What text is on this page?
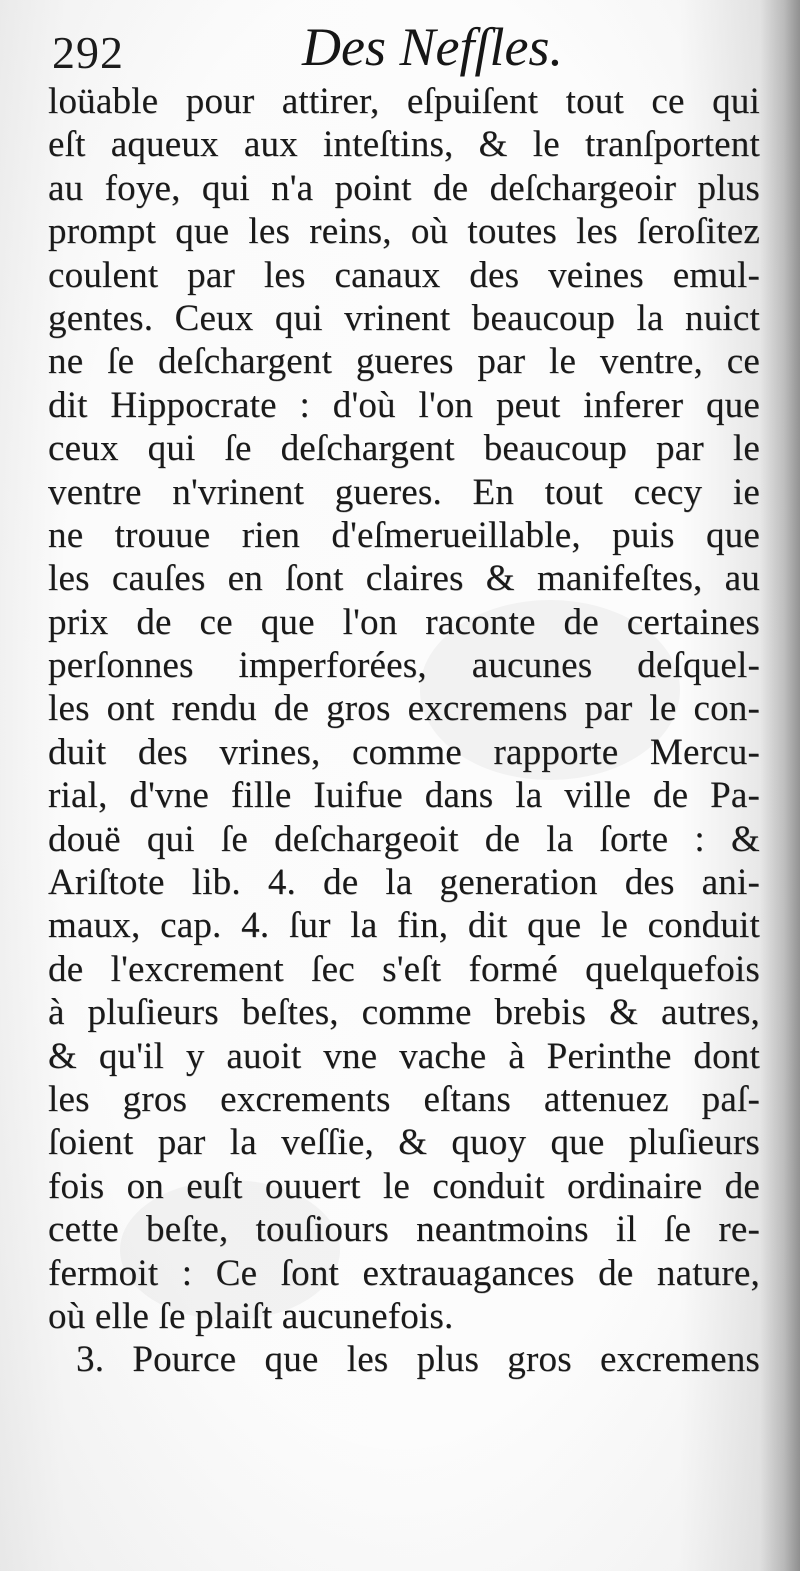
292	Des Nefſles.
loüable pour attirer, eſpuiſent tout ce qui
eſt aqueux aux inteſtins, & le tranſportent
au foye, qui n'a point de deſchargeoir plus
prompt que les reins, où toutes les ſeroſitez
coulent par les canaux des veines emul-
gentes. Ceux qui vrinent beaucoup la nuict
ne ſe deſchargent gueres par le ventre, ce
dit Hippocrate : d'où l'on peut inferer que
ceux qui ſe deſchargent beaucoup par le
ventre n'vrinent gueres. En tout cecy ie
ne trouue rien d'eſmerueillable, puis que
les cauſes en ſont claires & manifeſtes, au
prix de ce que l'on raconte de certaines
perſonnes imperforées, aucunes deſquel-
les ont rendu de gros excremens par le con-
duit des vrines, comme rapporte Mercu-
rial, d'vne fille Iuifue dans la ville de Pa-
douë qui ſe deſchargeoit de la ſorte : &
Ariſtote lib. 4. de la generation des ani-
maux, cap. 4. ſur la fin, dit que le conduit
de l'excrement ſec s'eſt formé quelquefois
à pluſieurs beſtes, comme brebis & autres,
& qu'il y auoit vne vache à Perinthe dont
les gros excrements eſtans attenuez paſ-
ſoient par la veſſie, & quoy que pluſieurs
fois on euſt ouuert le conduit ordinaire de
cette beſte, touſiours neantmoins il ſe re-
fermoit : Ce ſont extrauagances de nature,
où elle ſe plaiſt aucunefois.
3. Pource que les plus gros excremens
